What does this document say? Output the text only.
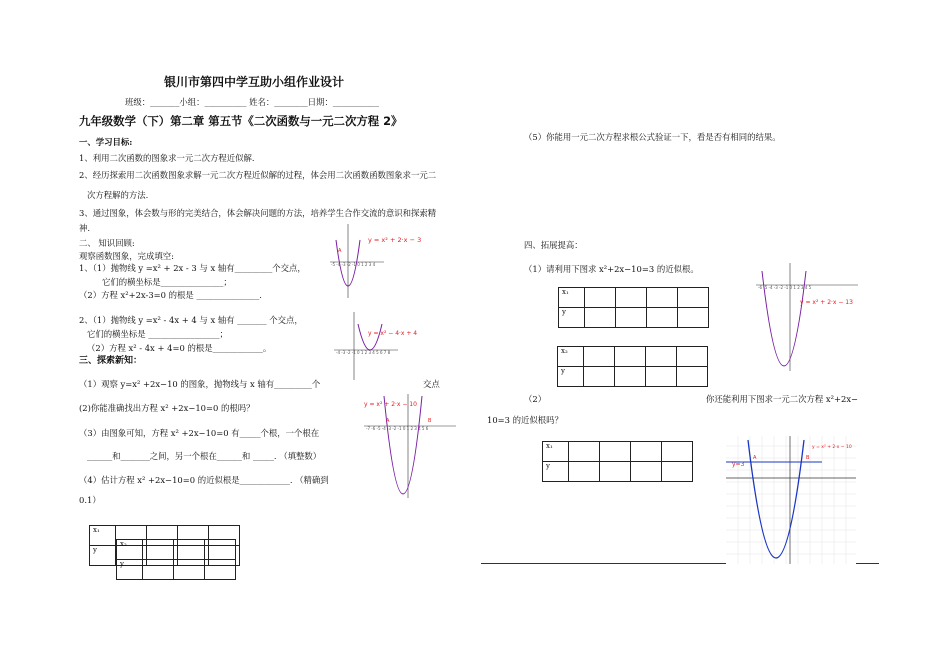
银川市第四中学互助小组作业设计
班级：_______小组：__________ 姓名：________日期：___________
九年级数学（下）第二章 第五节《二次函数与一元二次方程 2》
一、学习目标:
1、利用二次函数的图象求一元二次方程近似解.
2、经历探索用二次函数图象求解一元二次方程近似解的过程，体会用二次函数函数图象求一元二
次方程解的方法.
3、通过图象，体会数与形的完美结合，体会解决问题的方法，培养学生合作交流的意识和探索精
神.
二、 知识回顾:
观察函数图象，完成填空:
1、（1）抛物线 y =x² + 2x - 3 与 x 轴有_________个交点，
它们的横坐标是_______________；
（2）方程 x²+2x-3=0 的根是 _______________.
2、（1）抛物线 y =x² - 4x + 4 与 x 轴有 _______ 个交点，
它们的横坐标是 _________________；
（2）方程 x² - 4x + 4=0 的根是____________。
三、探索新知：
（1）观察 y=x² +2x−10 的图象，抛物线与 x 轴有_________个	交点
(2)你能准确找出方程 x² +2x−10=0 的根吗？
（3）由图象可知，方程 x² +2x−10=0 有_____个根，一个根在
______和_______之间，另一个根在______和 _____. （填整数）
（4）估计方程 x² +2x−10=0 的近似根是____________. （精确到
0.1）
x₁				
y				
x₂			
y			
（5）你能用一元二次方程求根公式验证一下，看是否有相同的结果。
四、拓展提高：
（1）请利用下图求 x²+2x−10=3 的近似根。
x₁				
y				
x₂				
y				
（2）	你还能利用下图求一元二次方程 x²+2x−
10=3 的近似根吗？
x₁				
y				
-5 -4 -3 -2 -1 0 1 2 3 4
y = x² + 2·x − 3
A
-4 -3 -2 -1 0 1 2 3 4 5 6 7 8
y = x² − 4·x + 4
-7 -6 -5 -4 -3 -2 -1 0 1 2 3 4 5 6
y = x² + 2·x − 10
A	B
-6 -5 -4 -3 -2 -1 0 1 2 3 4 5
y = x² + 2·x − 13
y = x² + 2·x − 10
y=3
A	B
